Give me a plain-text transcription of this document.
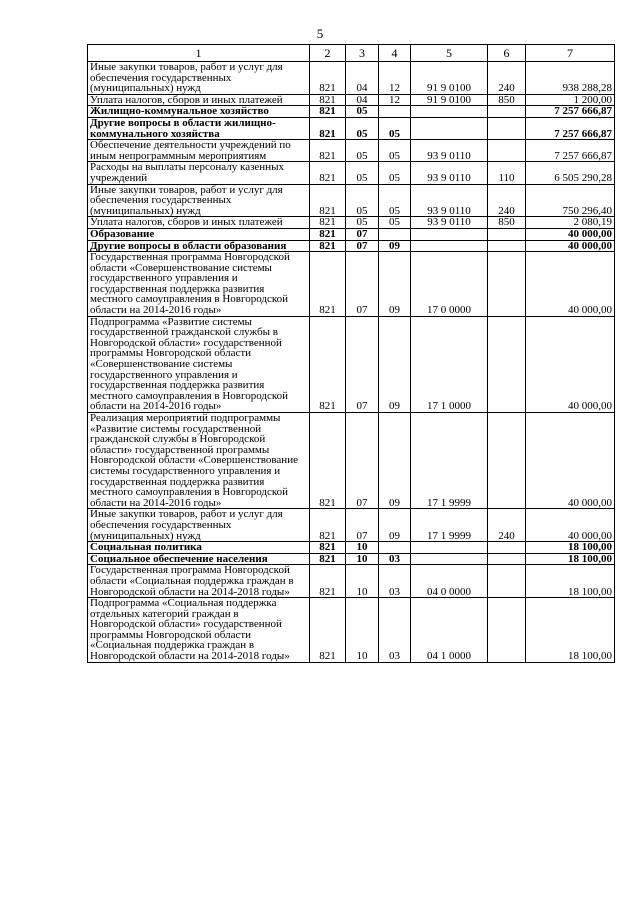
5
1	2	3	4	5	6	7
Иные закупки товаров, работ и услуг для обеспечения государственных (муниципальных) нужд	821	04	12	91 9 0100	240	938 288,28
Уплата налогов, сборов и иных платежей	821	04	12	91 9 0100	850	1 200,00
Жилищно-коммунальное хозяйство	821	05				7 257 666,87
Другие вопросы в области жилищно-коммунального хозяйства	821	05	05			7 257 666,87
Обеспечение деятельности учреждений по иным непрограммным мероприятиям	821	05	05	93 9 0110		7 257 666,87
Расходы на выплаты персоналу казенных учреждений	821	05	05	93 9 0110	110	6 505 290,28
Иные закупки товаров, работ и услуг для обеспечения государственных (муниципальных) нужд	821	05	05	93 9 0110	240	750 296,40
Уплата налогов, сборов и иных платежей	821	05	05	93 9 0110	850	2 080,19
Образование	821	07				40 000,00
Другие вопросы в области образования	821	07	09			40 000,00
Государственная программа Новгородской области «Совершенствование системы государственного управления и государственная поддержка развития местного самоуправления в Новгородской области на 2014-2016 годы»	821	07	09	17 0 0000		40 000,00
Подпрограмма «Развитие системы государственной гражданской службы в Новгородской области» государственной программы Новгородской области «Совершенствование системы государственного управления и государственная поддержка развития местного самоуправления в Новгородской области на 2014-2016 годы»	821	07	09	17 1 0000		40 000,00
Реализация мероприятий подпрограммы «Развитие системы государственной гражданской службы в Новгородской области» государственной программы Новгородской области «Совершенствование системы государственного управления и государственная поддержка развития местного самоуправления в Новгородской области на 2014-2016 годы»	821	07	09	17 1 9999		40 000,00
Иные закупки товаров, работ и услуг для обеспечения государственных (муниципальных) нужд	821	07	09	17 1 9999	240	40 000,00
Социальная политика	821	10				18 100,00
Социальное обеспечение населения	821	10	03			18 100,00
Государственная программа Новгородской области «Социальная поддержка граждан в Новгородской области на 2014-2018 годы»	821	10	03	04 0 0000		18 100,00
Подпрограмма «Социальная поддержка отдельных категорий граждан в Новгородской области» государственной программы Новгородской области «Социальная поддержка граждан в Новгородской области на 2014-2018 годы»	821	10	03	04 1 0000		18 100,00
